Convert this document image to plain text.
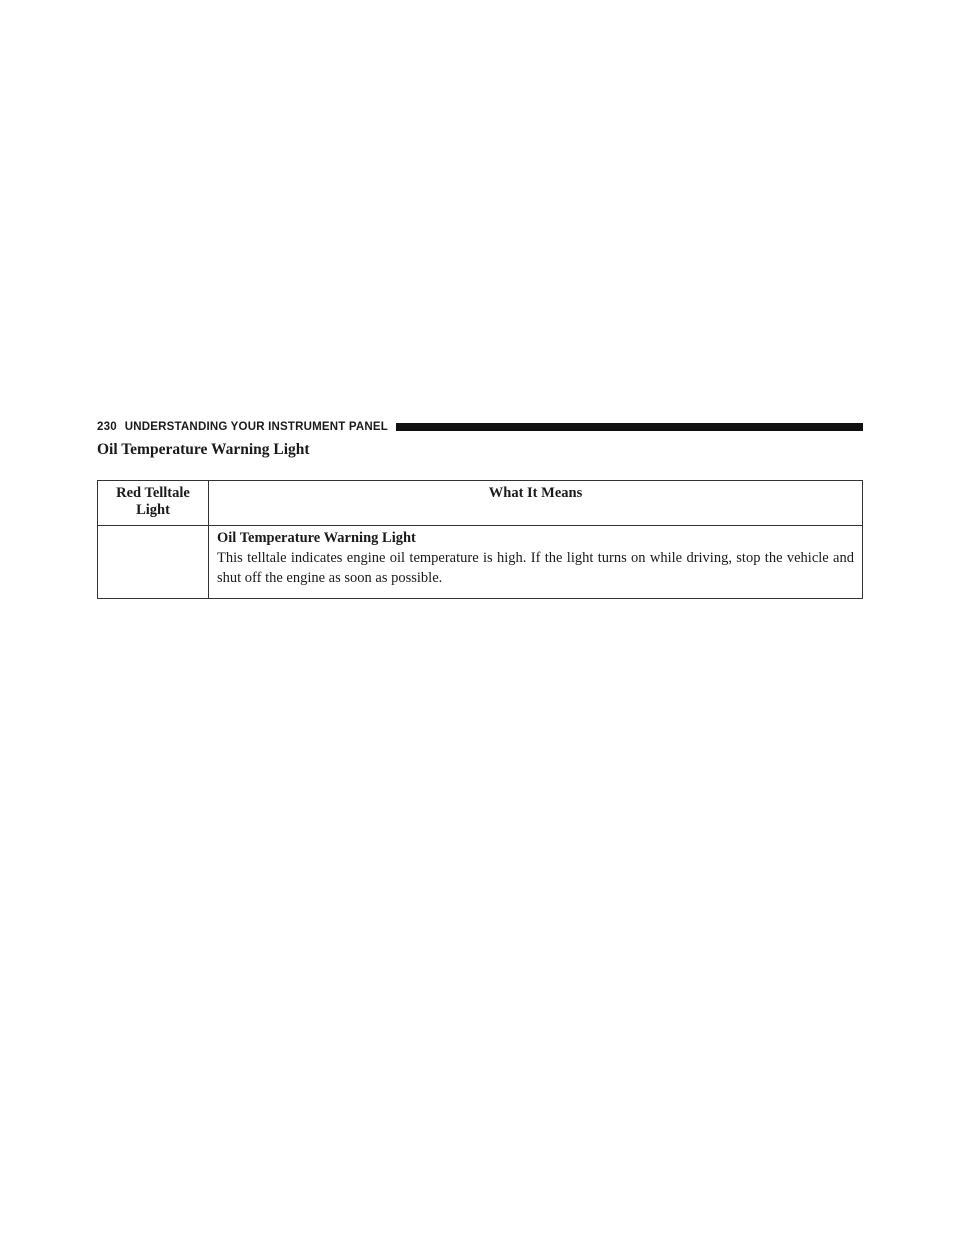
230 UNDERSTANDING YOUR INSTRUMENT PANEL
Oil Temperature Warning Light
Red Telltale Light	What It Means

	Oil Temperature Warning Light
This telltale indicates engine oil temperature is high. If the light turns on while driving, stop the vehicle and shut off the engine as soon as possible.
